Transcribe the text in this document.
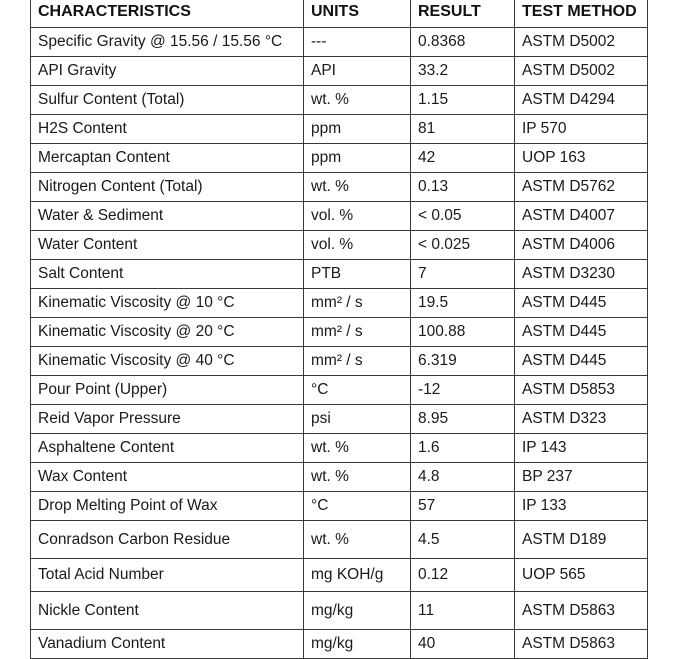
CHARACTERISTICS	UNITS	RESULT	TEST METHOD
Specific Gravity @ 15.56 / 15.56 °C	---	0.8368	ASTM D5002
API Gravity	API	33.2	ASTM D5002
Sulfur Content (Total)	wt. %	1.15	ASTM D4294
H2S Content	ppm	81	IP 570
Mercaptan Content	ppm	42	UOP 163
Nitrogen Content (Total)	wt. %	0.13	ASTM D5762
Water & Sediment	vol. %	< 0.05	ASTM D4007
Water Content	vol. %	< 0.025	ASTM D4006
Salt Content	PTB	7	ASTM D3230
Kinematic Viscosity @ 10 °C	mm² / s	19.5	ASTM D445
Kinematic Viscosity @ 20 °C	mm² / s	100.88	ASTM D445
Kinematic Viscosity @ 40 °C	mm² / s	6.319	ASTM D445
Pour Point (Upper)	°C	-12	ASTM D5853
Reid Vapor Pressure	psi	8.95	ASTM D323
Asphaltene Content	wt. %	1.6	IP 143
Wax Content	wt. %	4.8	BP 237
Drop Melting Point of Wax	°C	57	IP 133
Conradson Carbon Residue	wt. %	4.5	ASTM D189
Total Acid Number	mg KOH/g	0.12	UOP 565
Nickle Content	mg/kg	11	ASTM D5863
Vanadium Content	mg/kg	40	ASTM D5863
